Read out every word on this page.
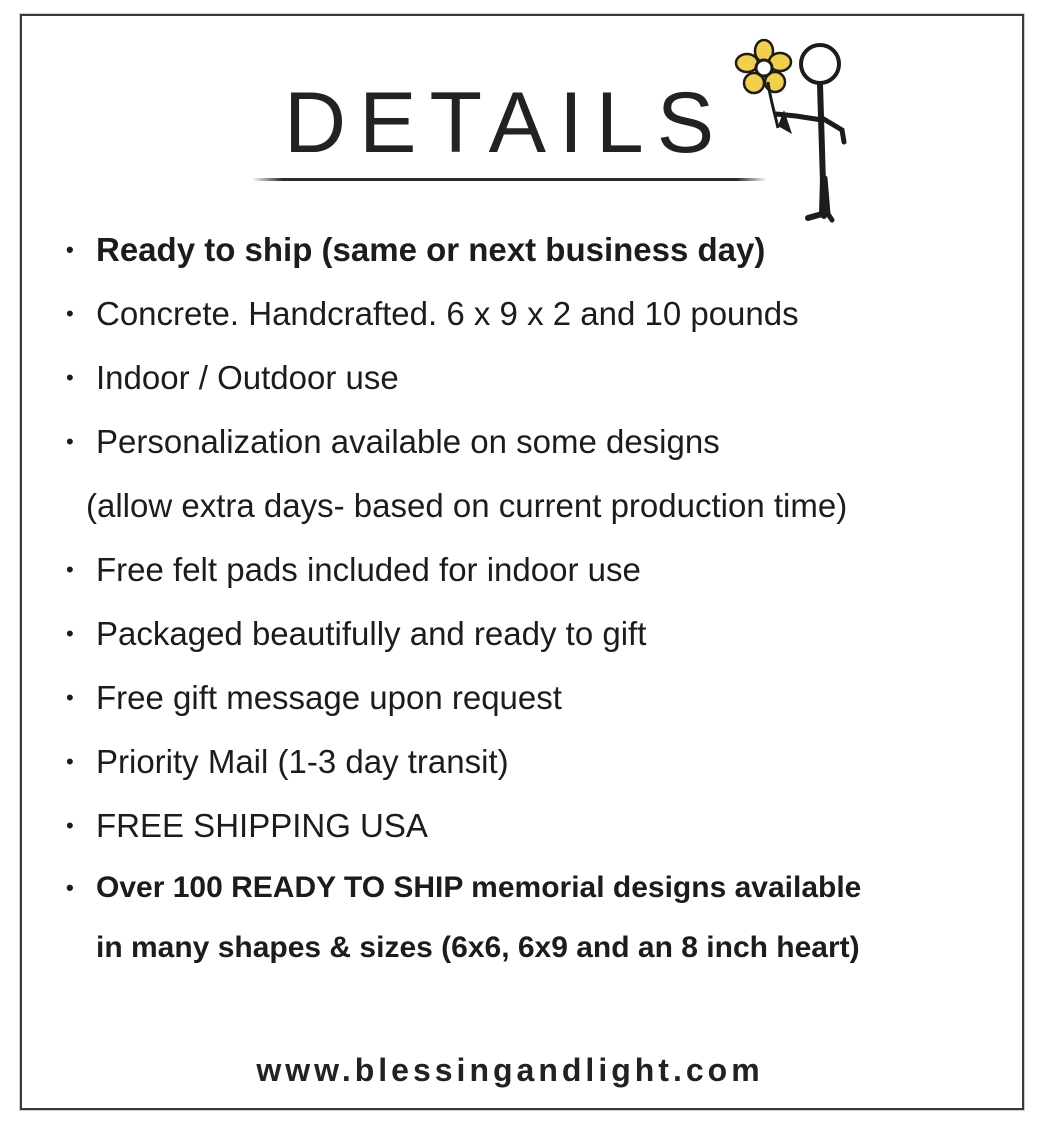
DETAILS
• Ready to ship (same or next business day)
• Concrete. Handcrafted. 6 x 9 x 2 and 10 pounds
• Indoor / Outdoor use
• Personalization available on some designs
(allow extra days- based on current production time)
• Free felt pads included for indoor use
• Packaged beautifully and ready to gift
• Free gift message upon request
• Priority Mail (1-3 day transit)
• FREE SHIPPING USA
• Over 100 READY TO SHIP memorial designs available
in many shapes & sizes (6x6, 6x9 and an 8 inch heart)
www.blessingandlight.com
